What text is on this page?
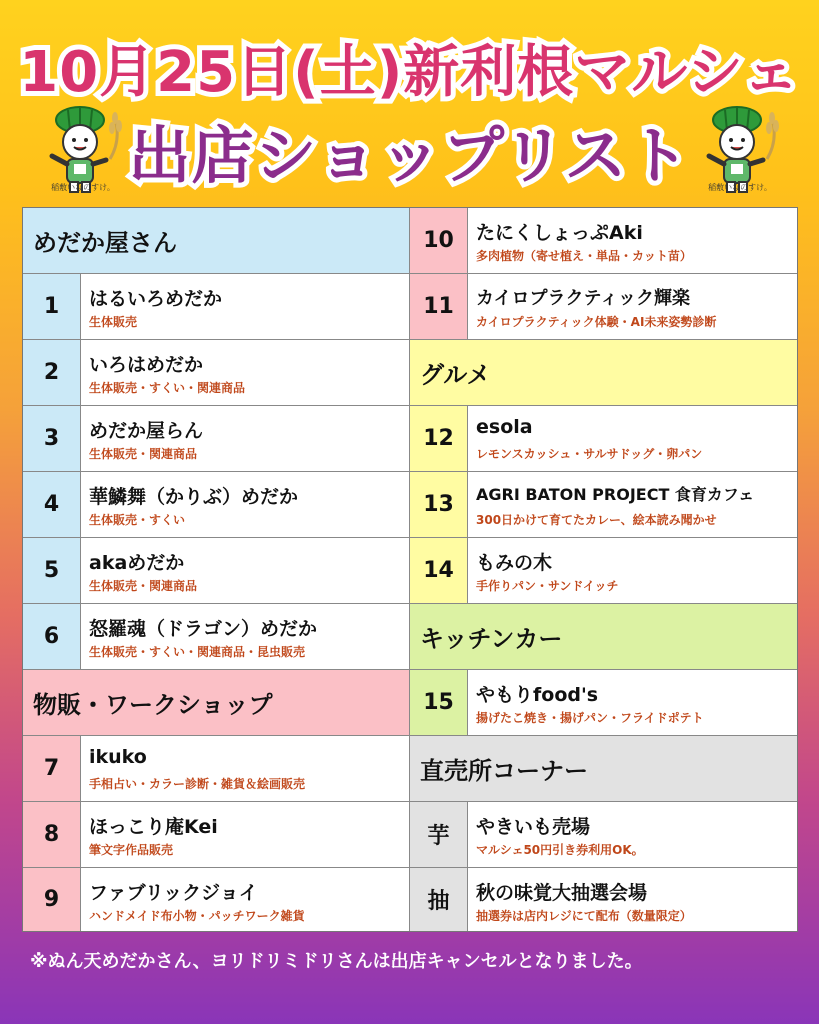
10月25日(土)新利根マルシェ
出店ショップリスト
稲敷いなのすけ。	稲敷いなのすけ。
めだか屋さん
1	はるいろめだか
生体販売
2	いろはめだか
生体販売・すくい・関連商品
3	めだか屋らん
生体販売・関連商品
4	華鱗舞（かりぶ）めだか
生体販売・すくい
5	akaめだか
生体販売・関連商品
6	怒羅魂（ドラゴン）めだか
生体販売・すくい・関連商品・昆虫販売
物販・ワークショップ
7	ikuko
手相占い・カラー診断・雑貨＆絵画販売
8	ほっこり庵Kei
筆文字作品販売
9	ファブリックジョイ
ハンドメイド布小物・パッチワーク雑貨
10	たにくしょっぷAki
多肉植物（寄せ植え・単品・カット苗）
11	カイロプラクティック輝楽
カイロプラクティック体験・AI未来姿勢診断
グルメ
12	esola
レモンスカッシュ・サルサドッグ・卵パン
13	AGRI BATON PROJECT 食育カフェ
300日かけて育てたカレー、絵本読み聞かせ
14	もみの木
手作りパン・サンドイッチ
キッチンカー
15	やもりfood's
揚げたこ焼き・揚げパン・フライドポテト
直売所コーナー
芋	やきいも売場
マルシェ50円引き券利用OK。
抽	秋の味覚大抽選会場
抽選券は店内レジにて配布（数量限定）
※ぬん天めだかさん、ヨリドリミドリさんは出店キャンセルとなりました。
